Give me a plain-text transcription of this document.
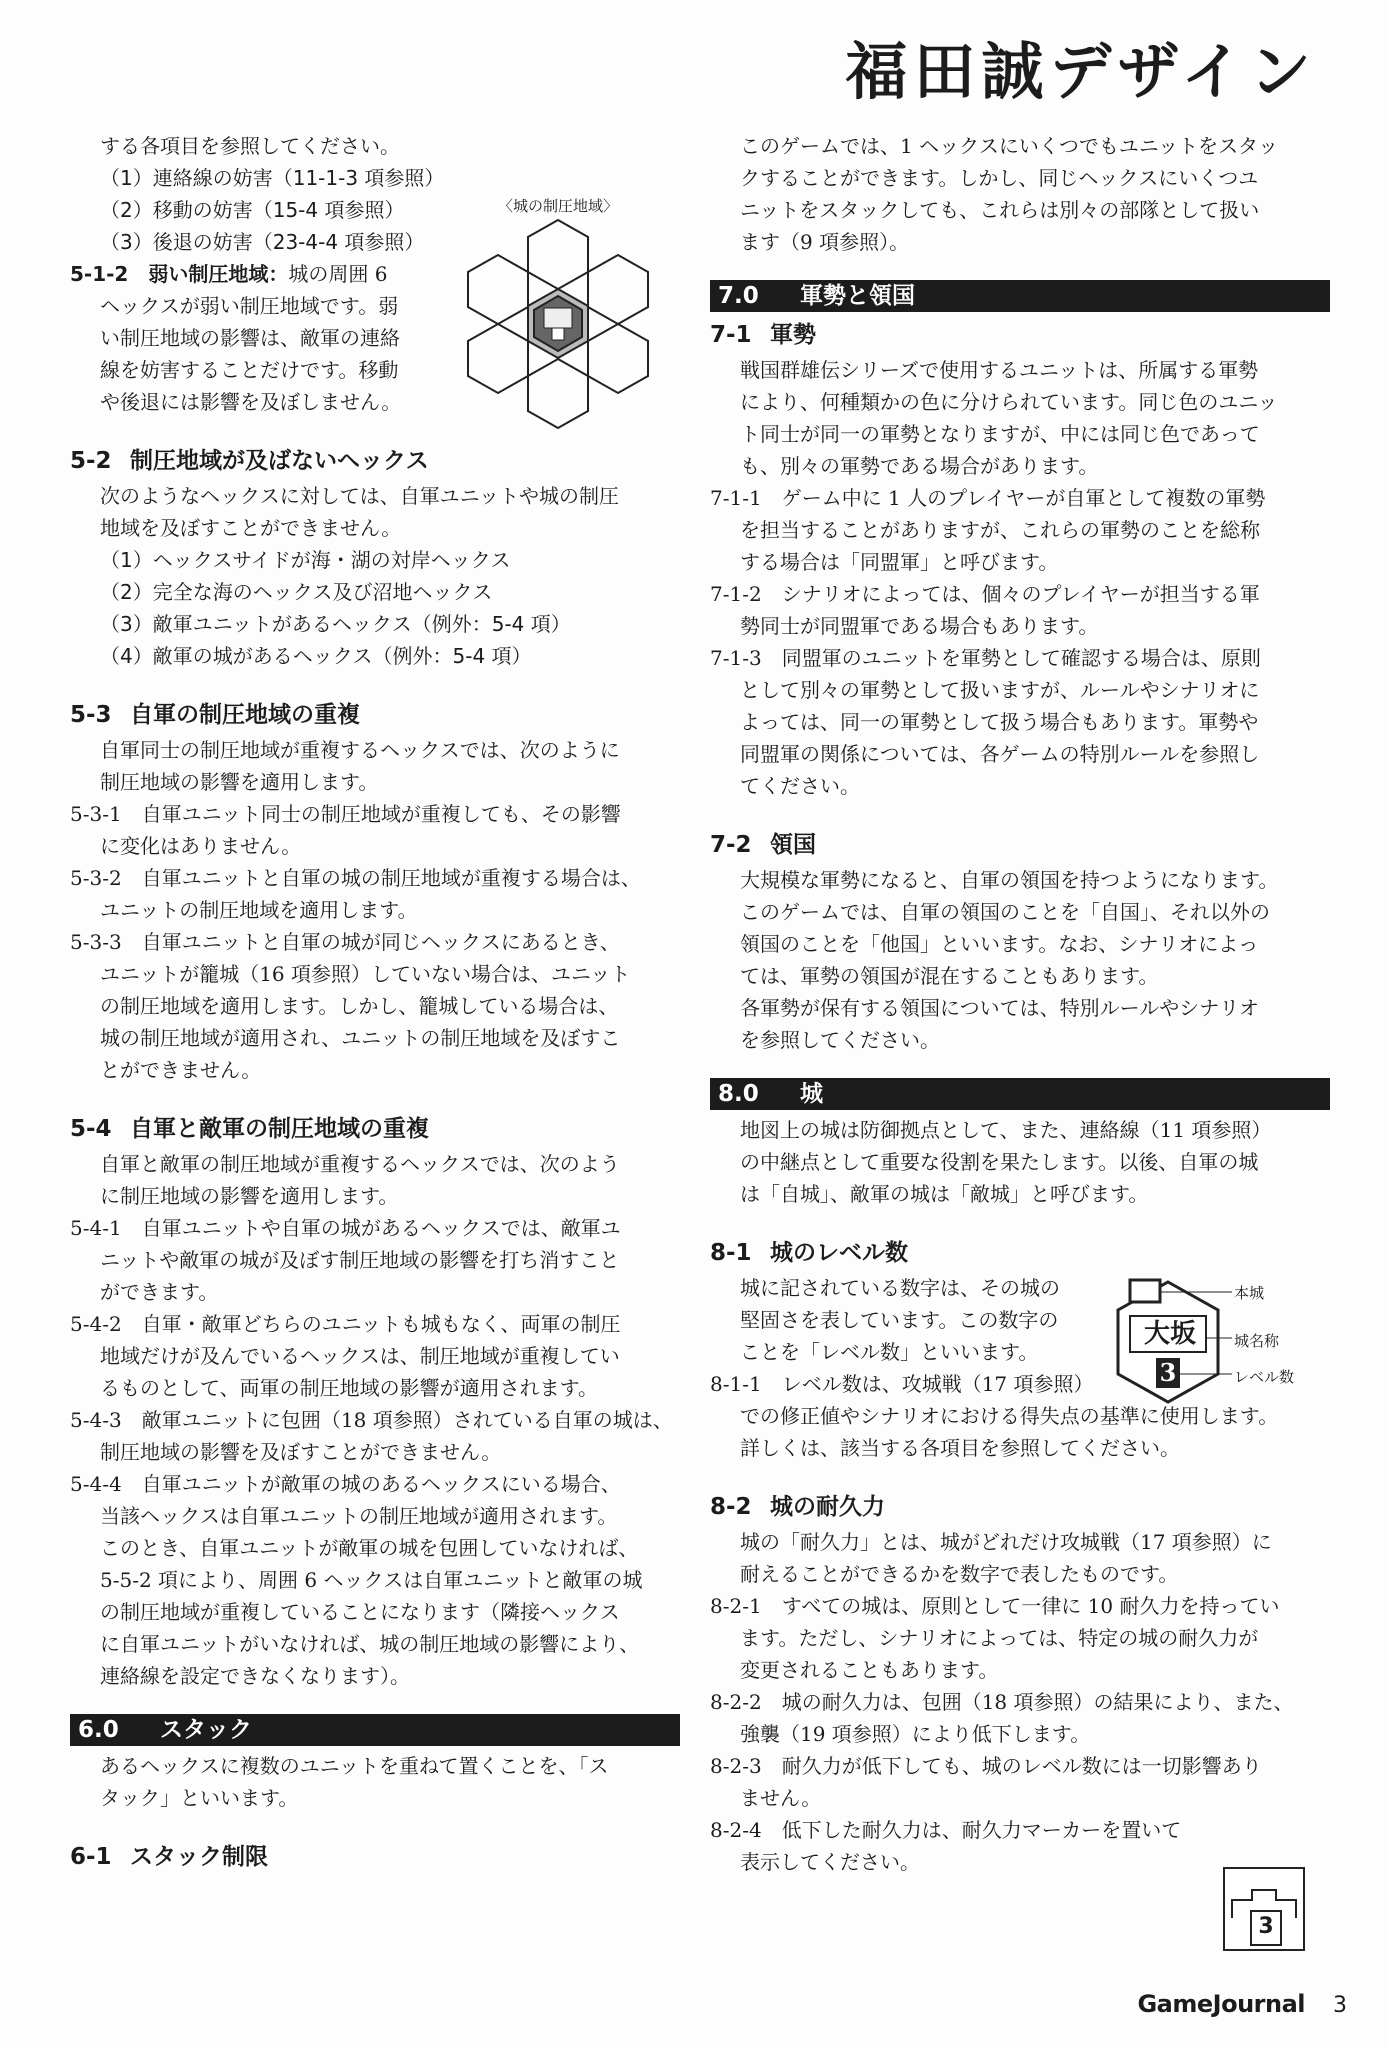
福田誠デザイン

する各項目を参照してください。

（1）連絡線の妨害（11-1-3 項参照）

（2）移動の妨害（15-4 項参照）

（3）後退の妨害（23-4-4 項参照）

5-1-2　弱い制圧地域：城の周囲 6

ヘックスが弱い制圧地域です。弱

い制圧地域の影響は、敵軍の連絡

線を妨害することだけです。移動

や後退には影響を及ぼしません。

5-2 制圧地域が及ばないヘックス

次のようなヘックスに対しては、自軍ユニットや城の制圧

地域を及ぼすことができません。

（1）ヘックスサイドが海・湖の対岸ヘックス

（2）完全な海のヘックス及び沼地ヘックス

（3）敵軍ユニットがあるヘックス（例外：5-4 項）

（4）敵軍の城があるヘックス（例外：5-4 項）

5-3 自軍の制圧地域の重複

自軍同士の制圧地域が重複するヘックスでは、次のように

制圧地域の影響を適用します。

5-3-1　自軍ユニット同士の制圧地域が重複しても、その影響

に変化はありません。

5-3-2　自軍ユニットと自軍の城の制圧地域が重複する場合は、

ユニットの制圧地域を適用します。

5-3-3　自軍ユニットと自軍の城が同じヘックスにあるとき、

ユニットが籠城（16 項参照）していない場合は、ユニット

の制圧地域を適用します。しかし、籠城している場合は、

城の制圧地域が適用され、ユニットの制圧地域を及ぼすこ

とができません。

5-4 自軍と敵軍の制圧地域の重複

自軍と敵軍の制圧地域が重複するヘックスでは、次のよう

に制圧地域の影響を適用します。

5-4-1　自軍ユニットや自軍の城があるヘックスでは、敵軍ユ

ニットや敵軍の城が及ぼす制圧地域の影響を打ち消すこと

ができます。

5-4-2　自軍・敵軍どちらのユニットも城もなく、両軍の制圧

地域だけが及んでいるヘックスは、制圧地域が重複してい

るものとして、両軍の制圧地域の影響が適用されます。

5-4-3　敵軍ユニットに包囲（18 項参照）されている自軍の城は、

制圧地域の影響を及ぼすことができません。

5-4-4　自軍ユニットが敵軍の城のあるヘックスにいる場合、

当該ヘックスは自軍ユニットの制圧地域が適用されます。

このとき、自軍ユニットが敵軍の城を包囲していなければ、

5-5-2 項により、周囲 6 ヘックスは自軍ユニットと敵軍の城

の制圧地域が重複していることになります（隣接ヘックス

に自軍ユニットがいなければ、城の制圧地域の影響により、

連絡線を設定できなくなります）。

6.0 スタック

あるヘックスに複数のユニットを重ねて置くことを、「ス

タック」といいます。

6-1 スタック制限
〈城の制圧地域〉

このゲームでは、1 ヘックスにいくつでもユニットをスタッ

クすることができます。しかし、同じヘックスにいくつユ

ニットをスタックしても、これらは別々の部隊として扱い

ます（9 項参照）。

7.0 軍勢と領国
7-1 軍勢

戦国群雄伝シリーズで使用するユニットは、所属する軍勢

により、何種類かの色に分けられています。同じ色のユニッ

ト同士が同一の軍勢となりますが、中には同じ色であって

も、別々の軍勢である場合があります。

7-1-1　ゲーム中に 1 人のプレイヤーが自軍として複数の軍勢

を担当することがありますが、これらの軍勢のことを総称

する場合は「同盟軍」と呼びます。

7-1-2　シナリオによっては、個々のプレイヤーが担当する軍

勢同士が同盟軍である場合もあります。

7-1-3　同盟軍のユニットを軍勢として確認する場合は、原則

として別々の軍勢として扱いますが、ルールやシナリオに

よっては、同一の軍勢として扱う場合もあります。軍勢や

同盟軍の関係については、各ゲームの特別ルールを参照し

てください。

7-2 領国

大規模な軍勢になると、自軍の領国を持つようになります。

このゲームでは、自軍の領国のことを「自国」、それ以外の

領国のことを「他国」といいます。なお、シナリオによっ

ては、軍勢の領国が混在することもあります。

各軍勢が保有する領国については、特別ルールやシナリオ

を参照してください。

8.0 城

地図上の城は防御拠点として、また、連絡線（11 項参照）

の中継点として重要な役割を果たします。以後、自軍の城

は「自城」、敵軍の城は「敵城」と呼びます。

8-1 城のレベル数

城に記されている数字は、その城の

堅固さを表しています。この数字の

ことを「レベル数」といいます。

8-1-1　レベル数は、攻城戦（17 項参照）

での修正値やシナリオにおける得失点の基準に使用します。

詳しくは、該当する各項目を参照してください。

8-2 城の耐久力

城の「耐久力」とは、城がどれだけ攻城戦（17 項参照）に

耐えることができるかを数字で表したものです。

8-2-1　すべての城は、原則として一律に 10 耐久力を持ってい

ます。ただし、シナリオによっては、特定の城の耐久力が

変更されることもあります。

8-2-2　城の耐久力は、包囲（18 項参照）の結果により、また、

強襲（19 項参照）により低下します。

8-2-3　耐久力が低下しても、城のレベル数には一切影響あり

ません。

8-2-4　低下した耐久力は、耐久力マーカーを置いて

表示してください。

大坂
3
本城
城名称
レベル数
3
GameJournal 3
